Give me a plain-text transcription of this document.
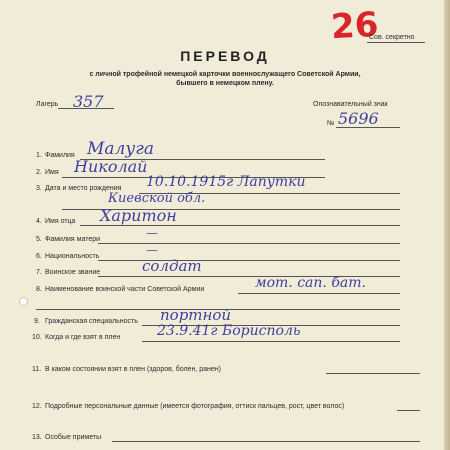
26
Сов. секретно
ПЕРЕВОД
с личной трофейной немецкой карточки военнослужащего Советской Армии,
бывшего в немецком плену.
Лагерь 357	Опознавательный знак
№ 5696
1. Фамилия Малуга
2. Имя Николай
3. Дата и место рождения 10.10.1915г Лапутки
Киевской обл.
4. Имя отца Харитон
5. Фамилия матери	—
6. Национальность	—
7. Воинское звание	солдат
8. Наименование воинской части Советской Армии	мот. сап. бат.
9. Гражданская специальность портной
10. Когда и где взят в плен	23.9.41г Борисполь
11. В каком состоянии взят в плен (здоров, болен, ранен)
12. Подробные персональные данные (имеется фотография, оттиск пальцев, рост, цвет волос)
13. Особые приметы
